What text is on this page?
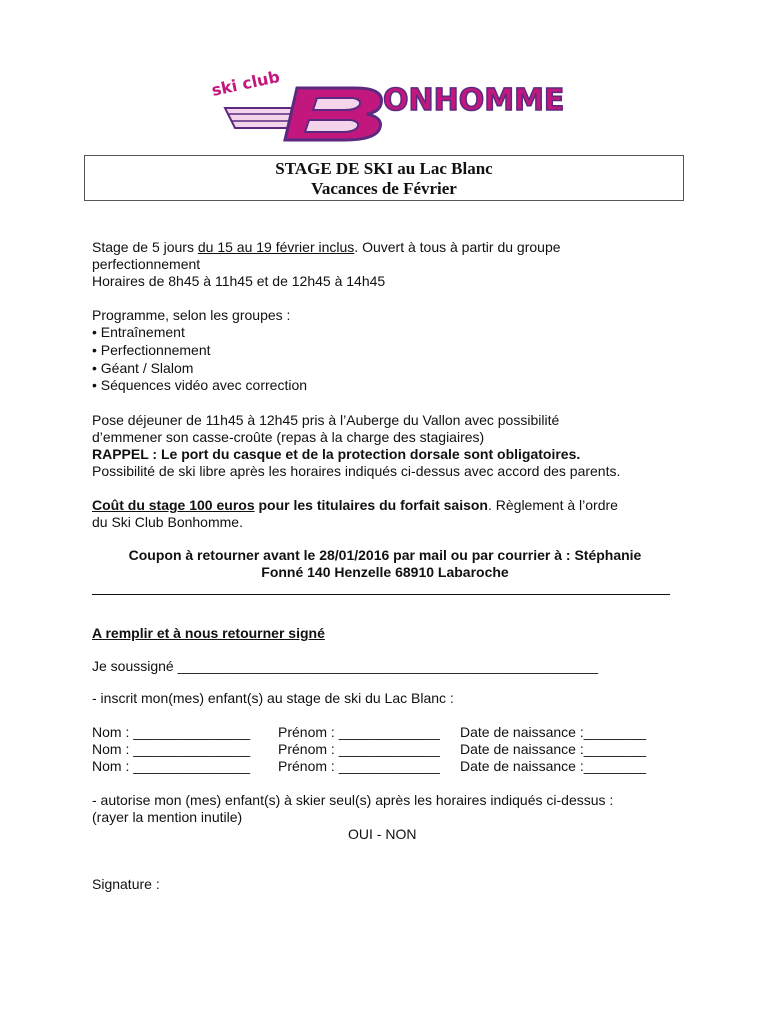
ONHOMME
ski club
STAGE DE SKI au Lac Blanc
Vacances de Février
Stage de 5 jours du 15 au 19 février inclus. Ouvert à tous à partir du groupe
perfectionnement
Horaires de 8h45 à 11h45 et de 12h45 à 14h45
Programme, selon les groupes :
• Entraînement
• Perfectionnement
• Géant / Slalom
• Séquences vidéo avec correction
Pose déjeuner de 11h45 à 12h45 pris à l’Auberge du Vallon avec possibilité
d’emmener son casse-croûte (repas à la charge des stagiaires)
RAPPEL : Le port du casque et de la protection dorsale sont obligatoires.
Possibilité de ski libre après les horaires indiqués ci-dessus avec accord des parents.
Coût du stage 100 euros pour les titulaires du forfait saison. Règlement à l’ordre
du Ski Club Bonhomme.
Coupon à retourner avant le 28/01/2016 par mail ou par courrier à : Stéphanie
Fonné 140 Henzelle 68910 Labaroche
A remplir et à nous retourner signé
Je soussigné ______________________________________________________
- inscrit mon(mes) enfant(s) au stage de ski du Lac Blanc :
Nom : _______________ Prénom : _____________ Date de naissance :________
Nom : _______________ Prénom : _____________ Date de naissance :________
Nom : _______________ Prénom : _____________ Date de naissance :________
- autorise mon (mes) enfant(s) à skier seul(s) après les horaires indiqués ci-dessus :
(rayer la mention inutile)
OUI - NON
Signature :
